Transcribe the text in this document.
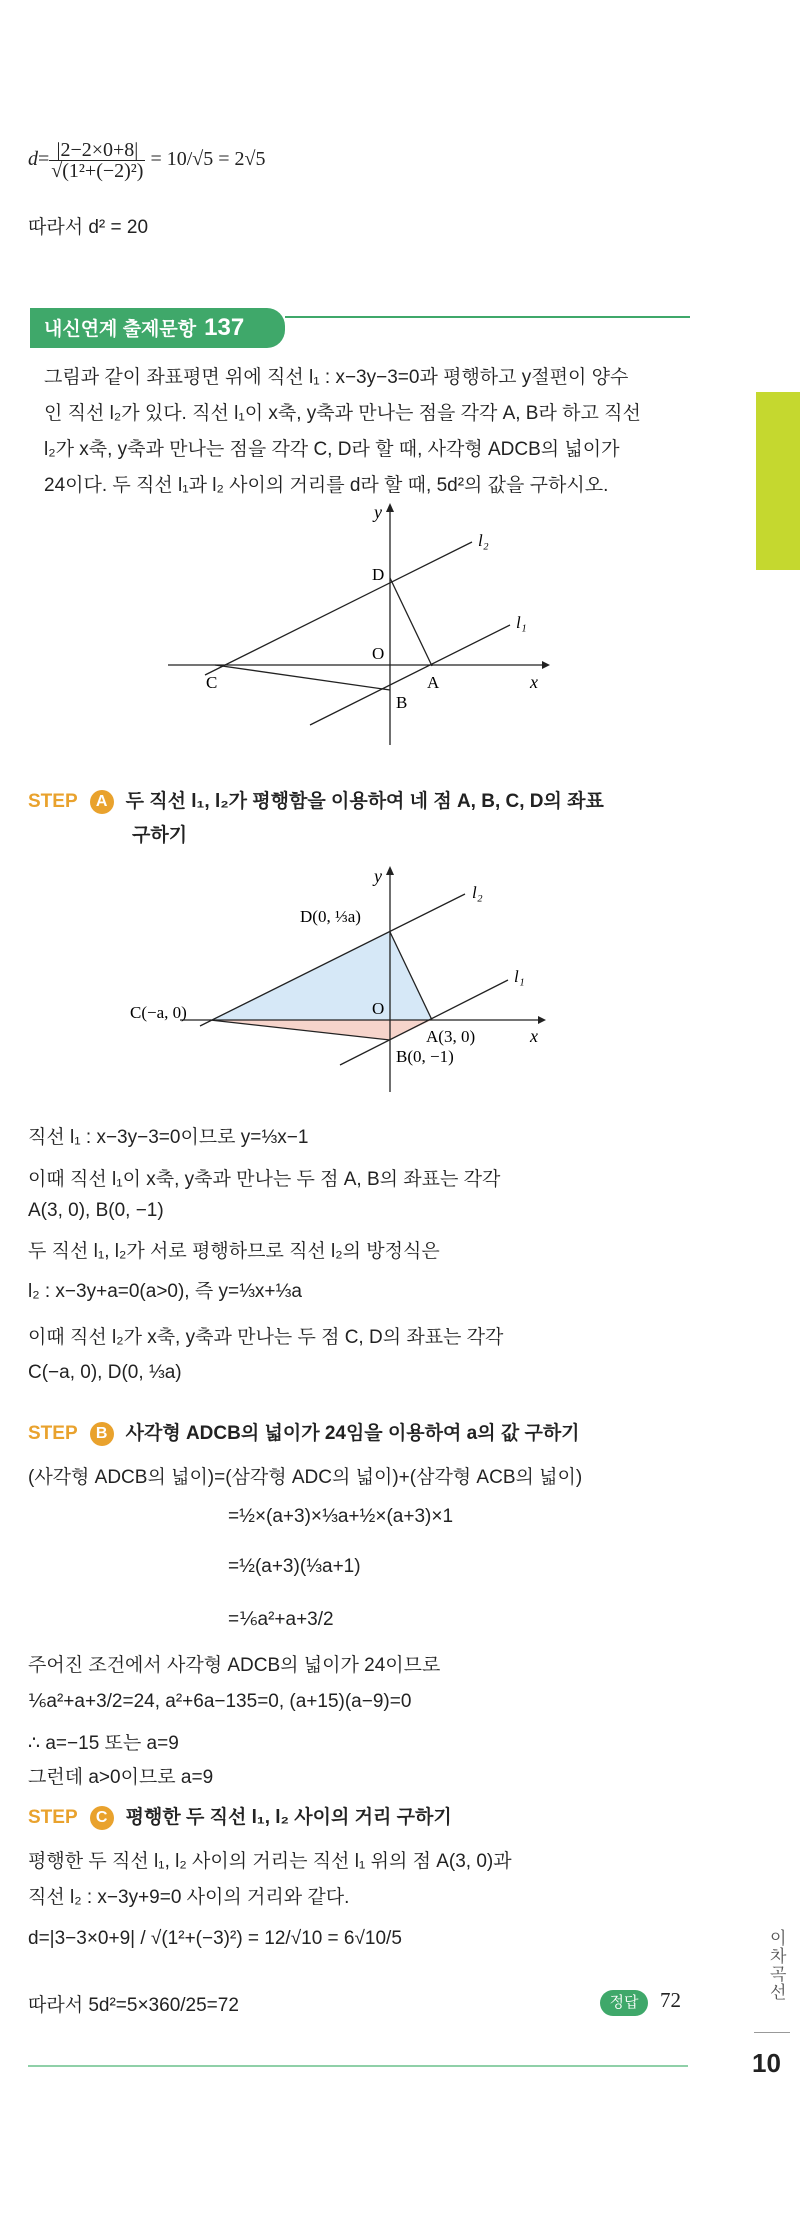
$d= \frac{|2-2\times 0+8|}{\text{√(1²+(−2)²)}} = 10/√5 = 2√5$
따라서 d² = 20
내신연계 출제문항 137
그림과 같이 좌표평면 위에 직선 l₁ : x−3y−3=0과 평행하고 y절편이 양수
인 직선 l₂가 있다. 직선 l₁이 x축, y축과 만나는 점을 각각 A, B라 하고 직선
l₂가 x축, y축과 만나는 점을 각각 C, D라 할 때, 사각형 ADCB의 넓이가
24이다. 두 직선 l₁과 l₂ 사이의 거리를 d라 할 때, 5d²의 값을 구하시오.
y
x
O
A
B
C
D
l₁
l₂
STEP A 두 직선 l₁, l₂가 평행함을 이용하여 네 점 A, B, C, D의 좌표
구하기
y
x
O
A(3, 0)
B(0, −1)
C(−a, 0)
D(0, ⅓a)
l₁
l₂
직선 l₁ : x−3y−3=0이므로 y=⅓x−1
이때 직선 l₁이 x축, y축과 만나는 두 점 A, B의 좌표는 각각
A(3, 0), B(0, −1)
두 직선 l₁, l₂가 서로 평행하므로 직선 l₂의 방정식은
l₂ : x−3y+a=0(a>0), 즉 y=⅓x+⅓a
이때 직선 l₂가 x축, y축과 만나는 두 점 C, D의 좌표는 각각
C(−a, 0), D(0, ⅓a)
STEP B 사각형 ADCB의 넓이가 24임을 이용하여 a의 값 구하기
(사각형 ADCB의 넓이)=(삼각형 ADC의 넓이)+(삼각형 ACB의 넓이)
=½×(a+3)×⅓a+½×(a+3)×1
=½(a+3)(⅓a+1)
=⅙a²+a+3/2
주어진 조건에서 사각형 ADCB의 넓이가 24이므로
⅙a²+a+3/2=24, a²+6a−135=0, (a+15)(a−9)=0
∴ a=−15 또는 a=9
그런데 a>0이므로 a=9
STEP C 평행한 두 직선 l₁, l₂ 사이의 거리 구하기
평행한 두 직선 l₁, l₂ 사이의 거리는 직선 l₁ 위의 점 A(3, 0)과
직선 l₂ : x−3y+9=0 사이의 거리와 같다.
d=|3−3×0+9| / √(1²+(−3)²) = 12/√10 = 6√10/5
따라서 5d²=5×360/25=72	정답	72
이차곡선
10
